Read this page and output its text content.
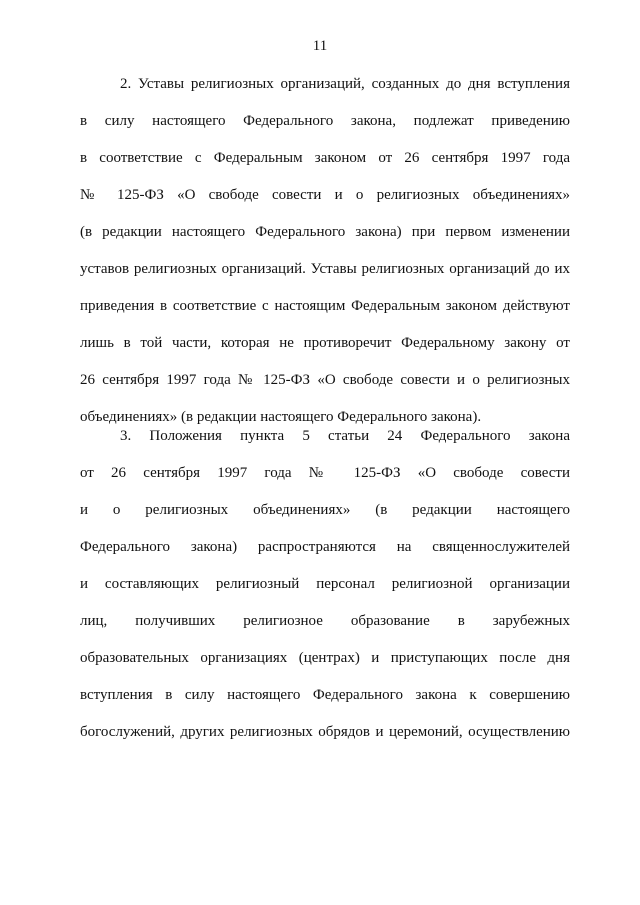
11
2. Уставы религиозных организаций, созданных до дня вступления
в силу настоящего Федерального закона, подлежат приведению
в соответствие с Федеральным законом от 26 сентября 1997 года
№ 125-ФЗ «О свободе совести и о религиозных объединениях»
(в редакции настоящего Федерального закона) при первом изменении
уставов религиозных организаций. Уставы религиозных организаций до их
приведения в соответствие с настоящим Федеральным законом действуют
лишь в той части, которая не противоречит Федеральному закону от
26 сентября 1997 года № 125-ФЗ «О свободе совести и о религиозных
объединениях» (в редакции настоящего Федерального закона).
3. Положения пункта 5 статьи 24 Федерального закона
от 26 сентября 1997 года № 125-ФЗ «О свободе совести
и о религиозных объединениях» (в редакции настоящего
Федерального закона) распространяются на священнослужителей
и составляющих религиозный персонал религиозной организации
лиц, получивших религиозное образование в зарубежных
образовательных организациях (центрах) и приступающих после дня
вступления в силу настоящего Федерального закона к совершению
богослужений, других религиозных обрядов и церемоний, осуществлению
